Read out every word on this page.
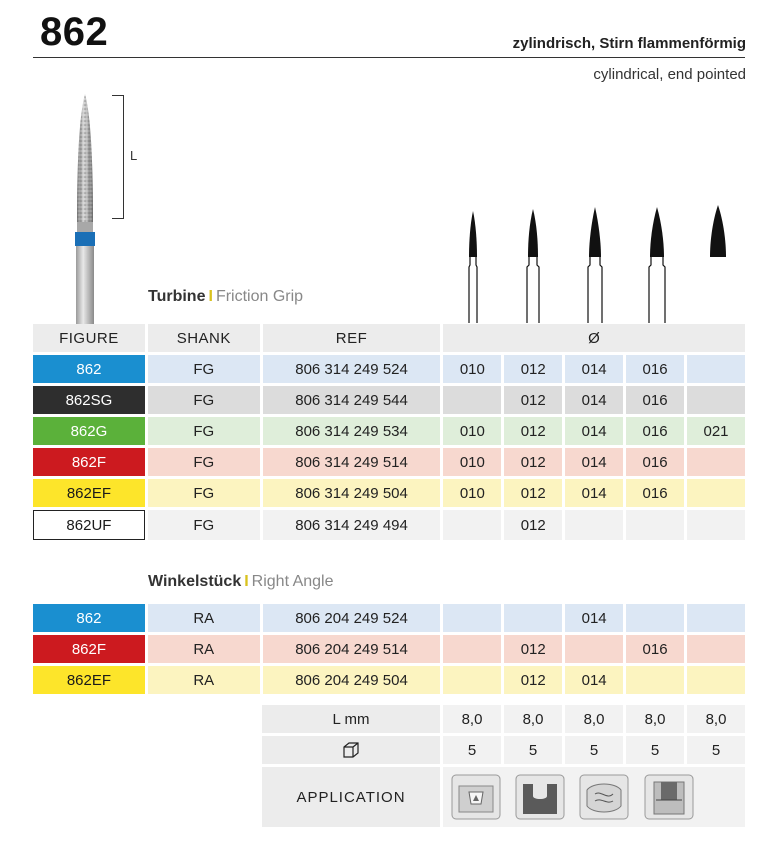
862	zylindrisch, Stirn flammenförmig
cylindrical, end pointed
L
Turbine I Friction Grip
FIGURE	SHANK	REF	Ø				
862	FG	806 314 249 524	010	012	014	016	
862SG	FG	806 314 249 544		012	014	016	
862G	FG	806 314 249 534	010	012	014	016	021
862F	FG	806 314 249 514	010	012	014	016	
862EF	FG	806 314 249 504	010	012	014	016	
862UF	FG	806 314 249 494		012			
Winkelstück I Right Angle
862	RA	806 204 249 524			014		
862F	RA	806 204 249 514		012		016	
862EF	RA	806 204 249 504		012	014		
L mm	8,0	8,0	8,0	8,0	8,0
	5	5	5	5	5
APPLICATION	
